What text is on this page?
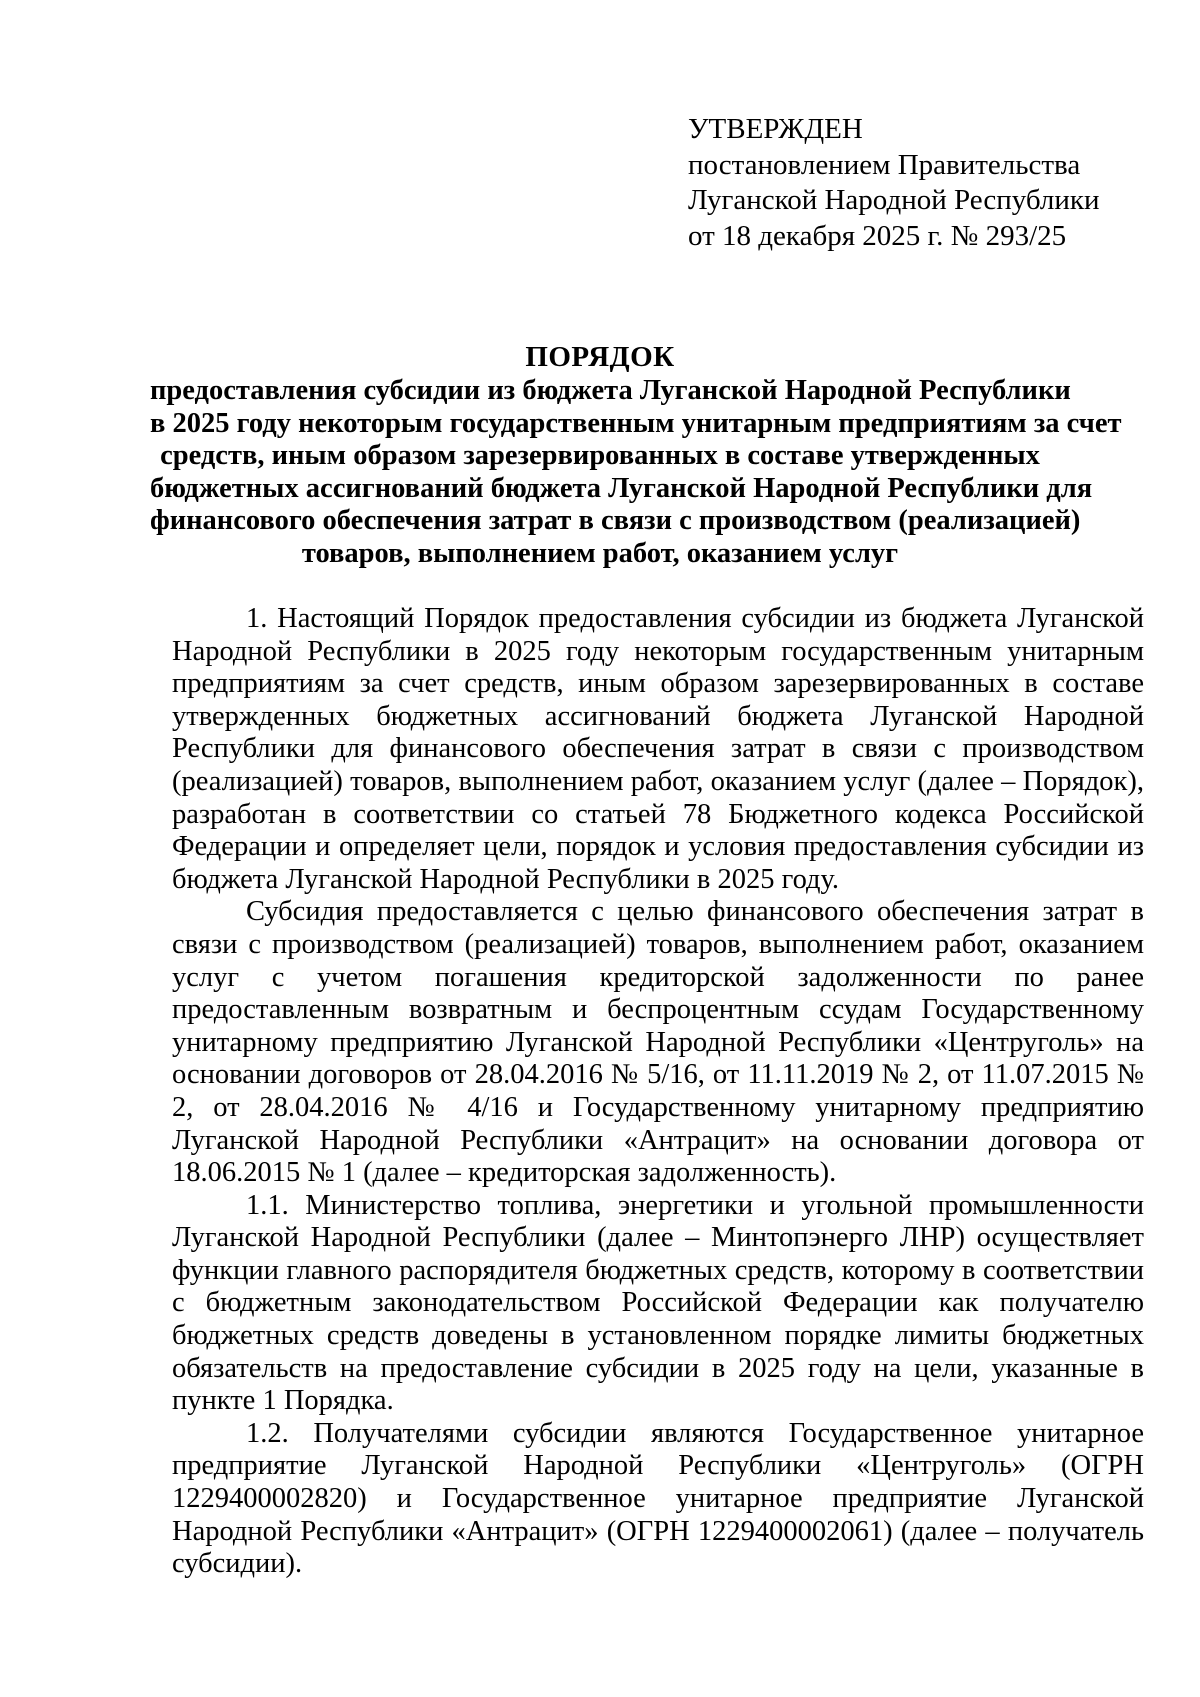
УТВЕРЖДЕН
постановлением Правительства
Луганской Народной Республики
от 18 декабря 2025 г. № 293/25
ПОРЯДОК
предоставления субсидии из бюджета Луганской Народной Республики
в 2025 году некоторым государственным унитарным предприятиям за счет
средств, иным образом зарезервированных в составе утвержденных
бюджетных ассигнований бюджета Луганской Народной Республики для
финансового обеспечения затрат в связи с производством (реализацией)
товаров, выполнением работ, оказанием услуг

1. Настоящий Порядок предоставления субсидии из бюджета Луганской Народной Республики в 2025 году некоторым государственным унитарным предприятиям за счет средств, иным образом зарезервированных в составе утвержденных бюджетных ассигнований бюджета Луганской Народной Республики для финансового обеспечения затрат в связи с производством (реализацией) товаров, выполнением работ, оказанием услуг (далее – Порядок), разработан в соответствии со статьей 78 Бюджетного кодекса Российской Федерации и определяет цели, порядок и условия предоставления субсидии из бюджета Луганской Народной Республики в 2025 году.

Субсидия предоставляется с целью финансового обеспечения затрат в связи с производством (реализацией) товаров, выполнением работ, оказанием услуг с учетом погашения кредиторской задолженности по ранее предоставленным возвратным и беспроцентным ссудам Государственному унитарному предприятию Луганской Народной Республики «Центруголь» на основании договоров от 28.04.2016 № 5/16, от 11.11.2019 № 2, от 11.07.2015 № 2, от 28.04.2016 № 4/16 и Государственному унитарному предприятию Луганской Народной Республики «Антрацит» на основании договора от 18.06.2015 № 1 (далее – кредиторская задолженность).

1.1. Министерство топлива, энергетики и угольной промышленности Луганской Народной Республики (далее – Минтопэнерго ЛНР) осуществляет функции главного распорядителя бюджетных средств, которому в соответствии с бюджетным законодательством Российской Федерации как получателю бюджетных средств доведены в установленном порядке лимиты бюджетных обязательств на предоставление субсидии в 2025 году на цели, указанные в пункте 1 Порядка.

1.2. Получателями субсидии являются Государственное унитарное предприятие Луганской Народной Республики «Центруголь» (ОГРН 1229400002820) и Государственное унитарное предприятие Луганской Народной Республики «Антрацит» (ОГРН 1229400002061) (далее – получатель субсидии).
